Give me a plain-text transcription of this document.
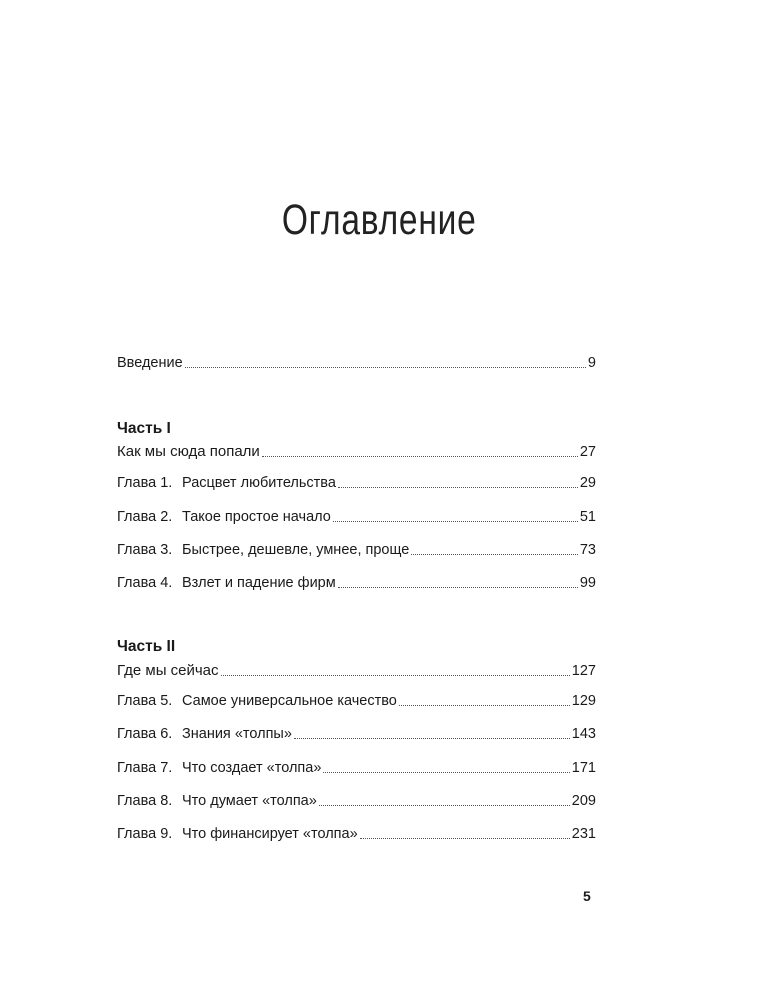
Оглавление
Введение	9
Часть I
Как мы сюда попали	27
Глава 1. Расцвет любительства	29
Глава 2. Такое простое начало	51
Глава 3. Быстрее, дешевле, умнее, проще	73
Глава 4. Взлет и падение фирм	99
Часть II
Где мы сейчас	127
Глава 5. Самое универсальное качество	129
Глава 6. Знания «толпы»	143
Глава 7. Что создает «толпа»	171
Глава 8. Что думает «толпа»	209
Глава 9. Что финансирует «толпа»	231
5
